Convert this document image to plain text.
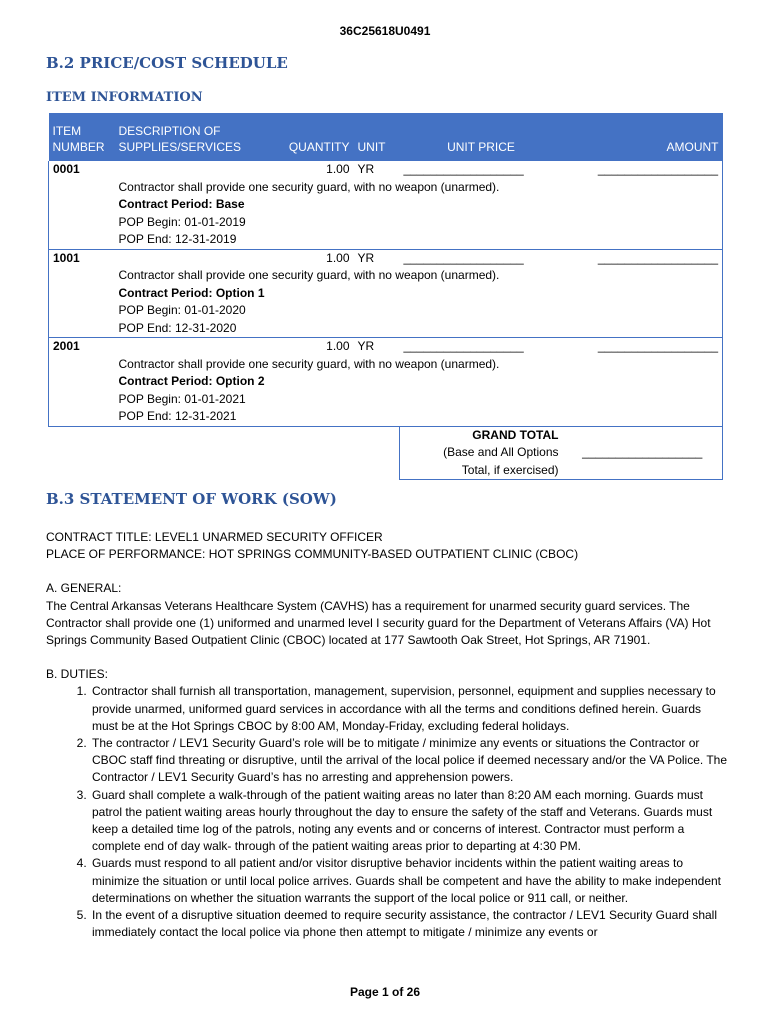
36C25618U0491
B.2 PRICE/COST SCHEDULE
ITEM INFORMATION
ITEM
NUMBER	DESCRIPTION OF
SUPPLIES/SERVICES	QUANTITY	UNIT	UNIT PRICE	AMOUNT
0001		1.00	YR	__________________	__________________

	Contractor shall provide one security guard, with no weapon (unarmed).
Contract Period: Base
POP Begin: 01-01-2019
POP End: 12-31-2019				

1001		1.00	YR	__________________	__________________

	Contractor shall provide one security guard, with no weapon (unarmed).
Contract Period: Option 1
POP Begin: 01-01-2020
POP End: 12-31-2020				

2001		1.00	YR	__________________	__________________

	Contractor shall provide one security guard, with no weapon (unarmed).
Contract Period: Option 2
POP Begin: 01-01-2021
POP End: 12-31-2021				

				GRAND TOTAL
(Base and All Options
Total, if exercised)	__________________
B.3 STATEMENT OF WORK (SOW)

CONTRACT TITLE: LEVEL1 UNARMED SECURITY OFFICER

PLACE OF PERFORMANCE: HOT SPRINGS COMMUNITY-BASED OUTPATIENT CLINIC (CBOC)

A. GENERAL:

The Central Arkansas Veterans Healthcare System (CAVHS) has a requirement for unarmed security guard services. The Contractor shall provide one (1) uniformed and unarmed level I security guard for the Department of Veterans Affairs (VA) Hot Springs Community Based Outpatient Clinic (CBOC) located at 177 Sawtooth Oak Street, Hot Springs, AR 71901.

B. DUTIES:

1. Contractor shall furnish all transportation, management, supervision, personnel, equipment and supplies necessary to provide unarmed, uniformed guard services in accordance with all the terms and conditions defined herein. Guards must be at the Hot Springs CBOC by 8:00 AM, Monday-Friday, excluding federal holidays.
2. The contractor / LEV1 Security Guard’s role will be to mitigate / minimize any events or situations the Contractor or CBOC staff find threating or disruptive, until the arrival of the local police if deemed necessary and/or the VA Police. The Contractor / LEV1 Security Guard’s has no arresting and apprehension powers.
3. Guard shall complete a walk-through of the patient waiting areas no later than 8:20 AM each morning. Guards must patrol the patient waiting areas hourly throughout the day to ensure the safety of the staff and Veterans. Guards must keep a detailed time log of the patrols, noting any events and or concerns of interest. Contractor must perform a complete end of day walk- through of the patient waiting areas prior to departing at 4:30 PM.
4. Guards must respond to all patient and/or visitor disruptive behavior incidents within the patient waiting areas to minimize the situation or until local police arrives. Guards shall be competent and have the ability to make independent determinations on whether the situation warrants the support of the local police or 911 call, or neither.
5. In the event of a disruptive situation deemed to require security assistance, the contractor / LEV1 Security Guard shall immediately contact the local police via phone then attempt to mitigate / minimize any events or
Page 1 of 26
